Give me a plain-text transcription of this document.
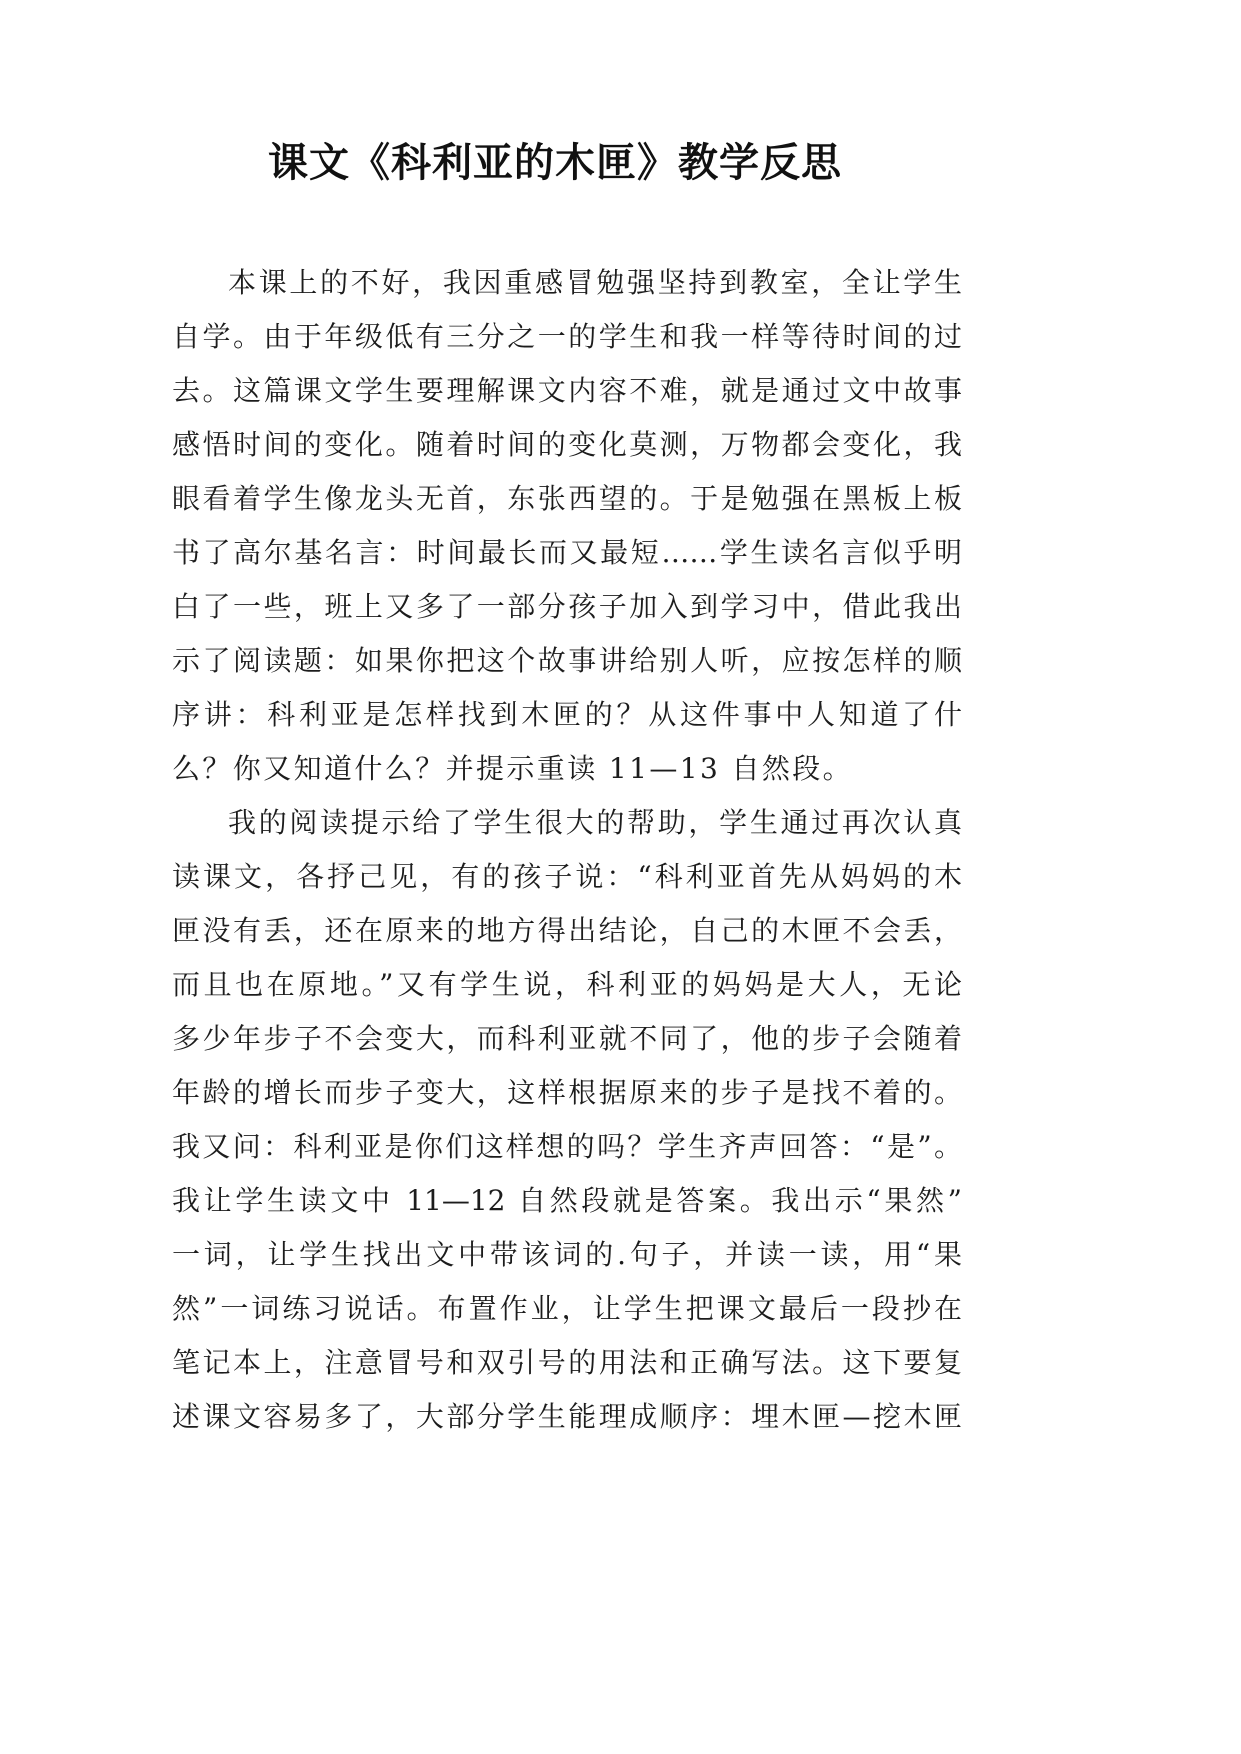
课文《科利亚的木匣》教学反思
本课上的不好，我因重感冒勉强坚持到教室，全让学生
自学。由于年级低有三分之一的学生和我一样等待时间的过
去。这篇课文学生要理解课文内容不难，就是通过文中故事
感悟时间的变化。随着时间的变化莫测，万物都会变化，我
眼看着学生像龙头无首，东张西望的。于是勉强在黑板上板
书了高尔基名言：时间最长而又最短……学生读名言似乎明
白了一些，班上又多了一部分孩子加入到学习中，借此我出
示了阅读题：如果你把这个故事讲给别人听，应按怎样的顺
序讲：科利亚是怎样找到木匣的？从这件事中人知道了什
么？你又知道什么？并提示重读 11—13 自然段。
我的阅读提示给了学生很大的帮助，学生通过再次认真
读课文，各抒己见，有的孩子说：“科利亚首先从妈妈的木
匣没有丢，还在原来的地方得出结论，自己的木匣不会丢，
而且也在原地。”又有学生说，科利亚的妈妈是大人，无论
多少年步子不会变大，而科利亚就不同了，他的步子会随着
年龄的增长而步子变大，这样根据原来的步子是找不着的。
我又问：科利亚是你们这样想的吗？学生齐声回答：“是”。
我让学生读文中 11—12 自然段就是答案。我出示“果然”
一词，让学生找出文中带该词的.句子，并读一读，用“果
然”一词练习说话。布置作业，让学生把课文最后一段抄在
笔记本上，注意冒号和双引号的用法和正确写法。这下要复
述课文容易多了，大部分学生能理成顺序：埋木匣—挖木匣
